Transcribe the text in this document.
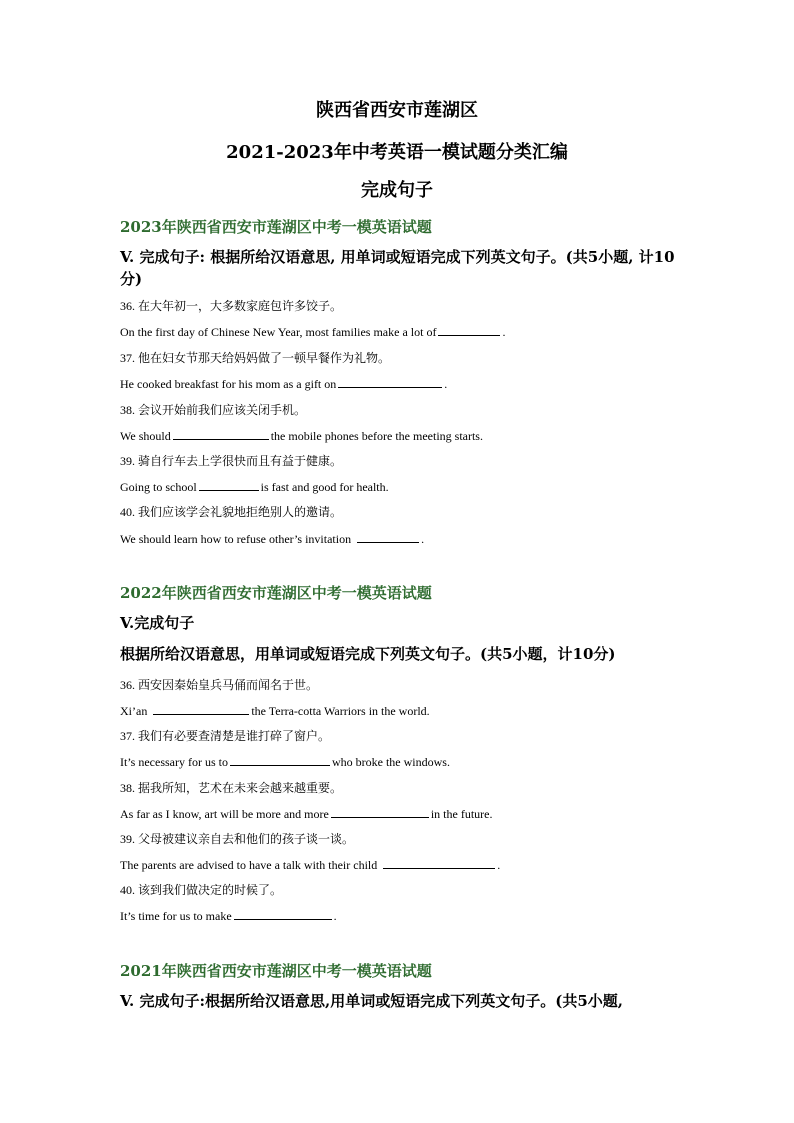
陕西省西安市莲湖区
2021-2023年中考英语一模试题分类汇编
完成句子
2023年陕西省西安市莲湖区中考一模英语试题
V. 完成句子: 根据所给汉语意思, 用单词或短语完成下列英文句子。(共5小题, 计10分)
36. 在大年初一，大多数家庭包许多饺子。
On the first day of Chinese New Year, most families make a lot of	.
37. 他在妇女节那天给妈妈做了一顿早餐作为礼物。
He cooked breakfast for his mom as a gift on	.
38. 会议开始前我们应该关闭手机。
We should	the mobile phones before the meeting starts.
39. 骑自行车去上学很快而且有益于健康。
Going to school	is fast and good for health.
40. 我们应该学会礼貌地拒绝别人的邀请。
We should learn how to refuse other’s invitation	.
2022年陕西省西安市莲湖区中考一模英语试题
V.完成句子
根据所给汉语意思，用单词或短语完成下列英文句子。(共5小题，计10分)
36. 西安因秦始皇兵马俑而闻名于世。
Xi’an	the Terra-cotta Warriors in the world.
37. 我们有必要查清楚是谁打碎了窗户。
It’s necessary for us to	who broke the windows.
38. 据我所知，艺术在未来会越来越重要。
As far as I know, art will be more and more	in the future.
39. 父母被建议亲自去和他们的孩子谈一谈。
The parents are advised to have a talk with their child	.
40. 该到我们做决定的时候了。
It’s time for us to make	.
2021年陕西省西安市莲湖区中考一模英语试题
V. 完成句子:根据所给汉语意思,用单词或短语完成下列英文句子。(共5小题,
